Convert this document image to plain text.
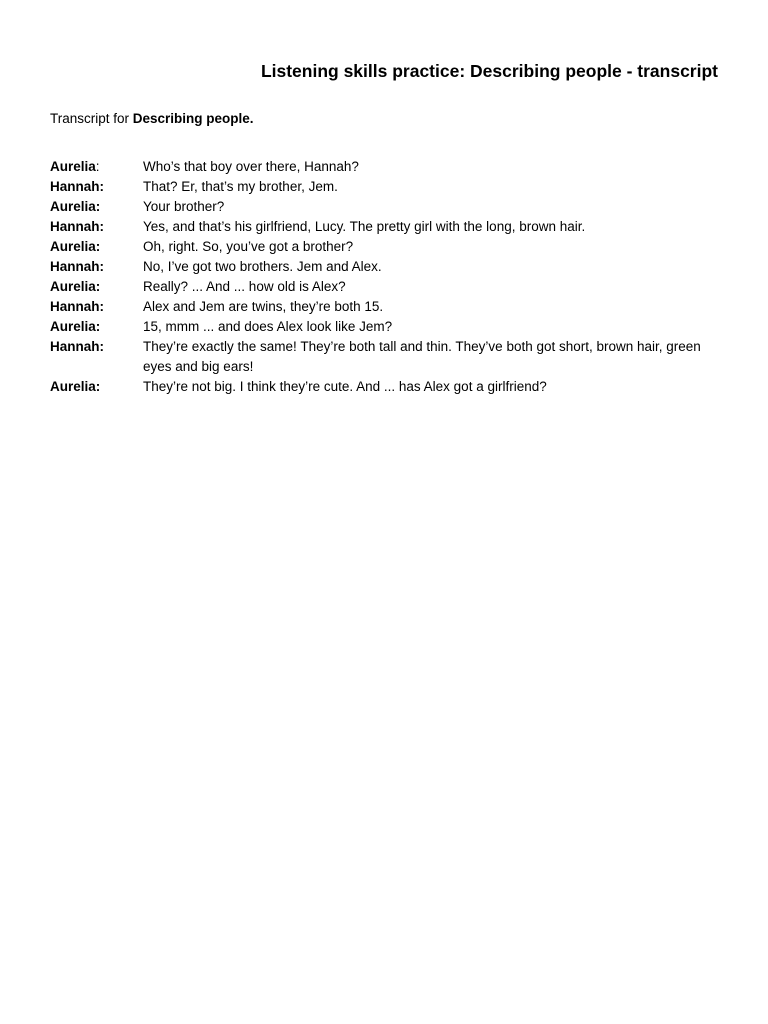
Listening skills practice: Describing people - transcript
Transcript for Describing people.
Aurelia:	Who’s that boy over there, Hannah?
Hannah:	That? Er, that’s my brother, Jem.
Aurelia:	Your brother?
Hannah:	Yes, and that’s his girlfriend, Lucy. The pretty girl with the long, brown hair.
Aurelia:	Oh, right. So, you’ve got a brother?
Hannah:	No, I’ve got two brothers. Jem and Alex.
Aurelia:	Really? ... And ... how old is Alex?
Hannah:	Alex and Jem are twins, they’re both 15.
Aurelia:	15, mmm ... and does Alex look like Jem?
Hannah:	They’re exactly the same! They’re both tall and thin. They’ve both got short, brown hair, green eyes and big ears!
Aurelia:	They’re not big. I think they’re cute. And ... has Alex got a girlfriend?
